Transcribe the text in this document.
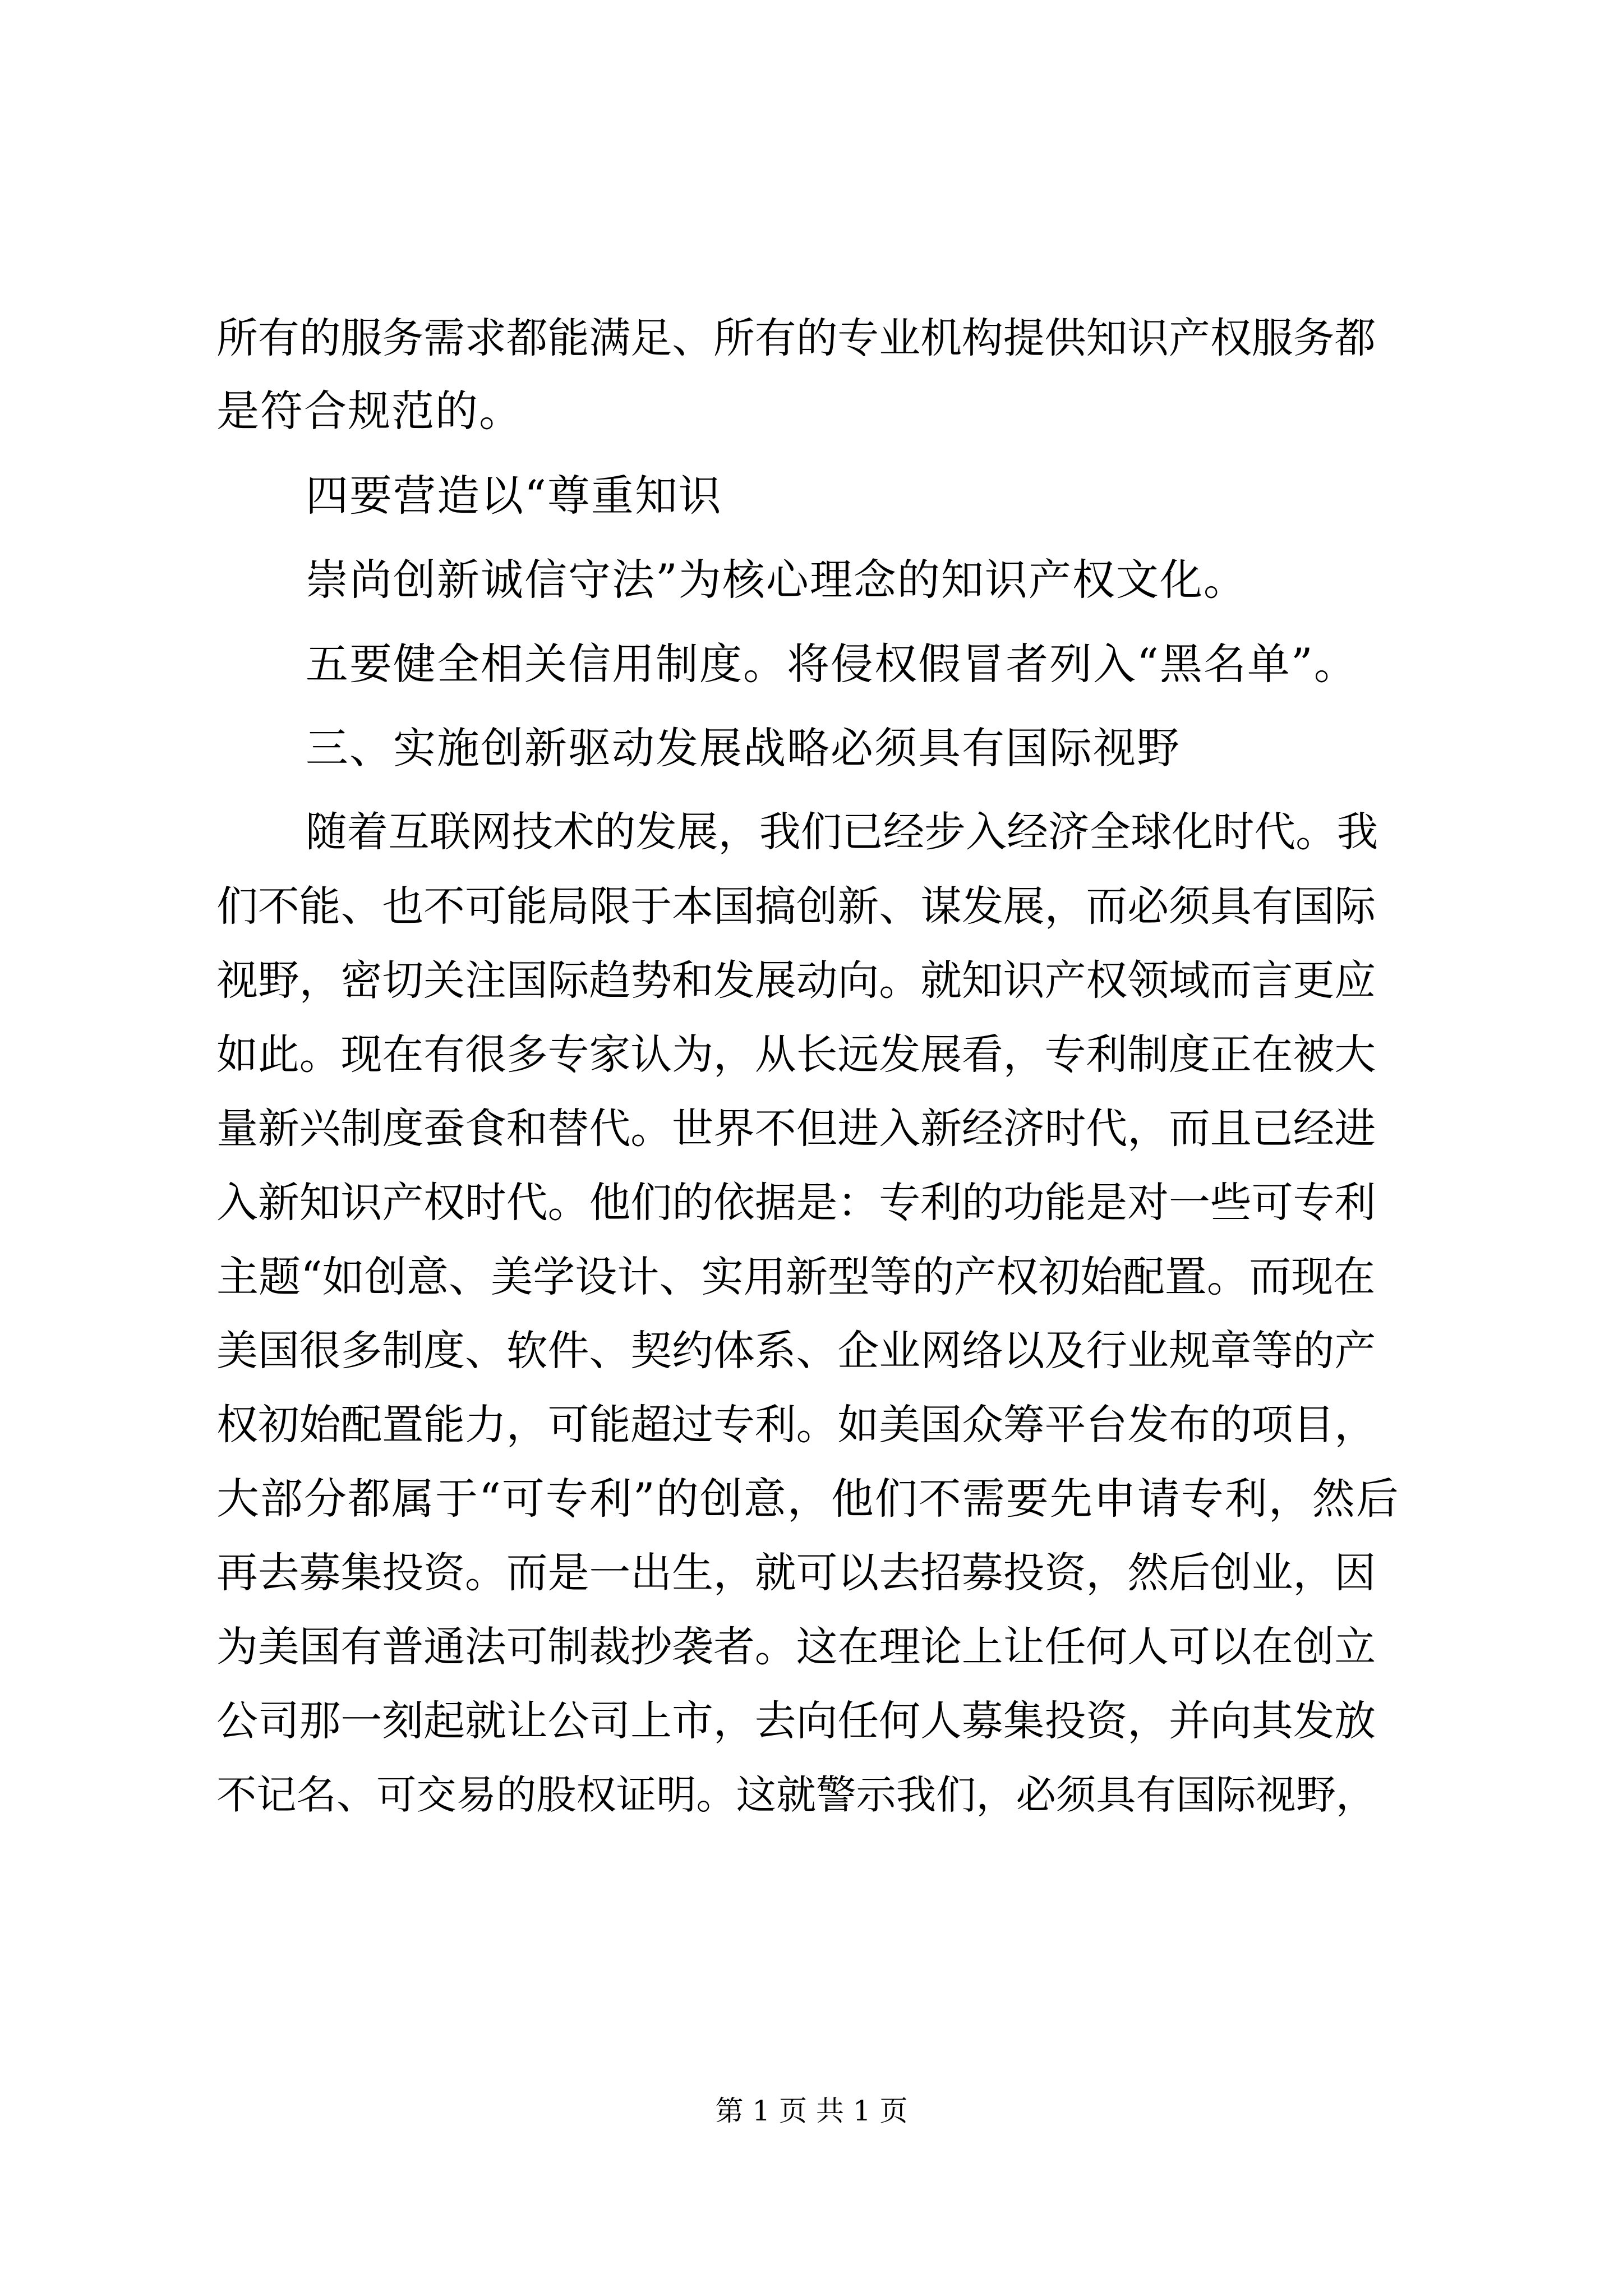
所有的服务需求都能满足、所有的专业机构提供知识产权服务都
是符合规范的。
四要营造以“尊重知识
崇尚创新诚信守法”为核心理念的知识产权文化。
五要健全相关信用制度。将侵权假冒者列入“黑名单”。
三、实施创新驱动发展战略必须具有国际视野
随着互联网技术的发展，我们已经步入经济全球化时代。我
们不能、也不可能局限于本国搞创新、谋发展，而必须具有国际
视野，密切关注国际趋势和发展动向。就知识产权领域而言更应
如此。现在有很多专家认为，从长远发展看，专利制度正在被大
量新兴制度蚕食和替代。世界不但进入新经济时代，而且已经进
入新知识产权时代。他们的依据是：专利的功能是对一些可专利
主题“如创意、美学设计、实用新型等的产权初始配置。而现在
美国很多制度、软件、契约体系、企业网络以及行业规章等的产
权初始配置能力，可能超过专利。如美国众筹平台发布的项目，
大部分都属于“可专利”的创意，他们不需要先申请专利，然后
再去募集投资。而是一出生，就可以去招募投资，然后创业，因
为美国有普通法可制裁抄袭者。这在理论上让任何人可以在创立
公司那一刻起就让公司上市，去向任何人募集投资，并向其发放
不记名、可交易的股权证明。这就警示我们，必须具有国际视野，
第 1 页 共 1 页
